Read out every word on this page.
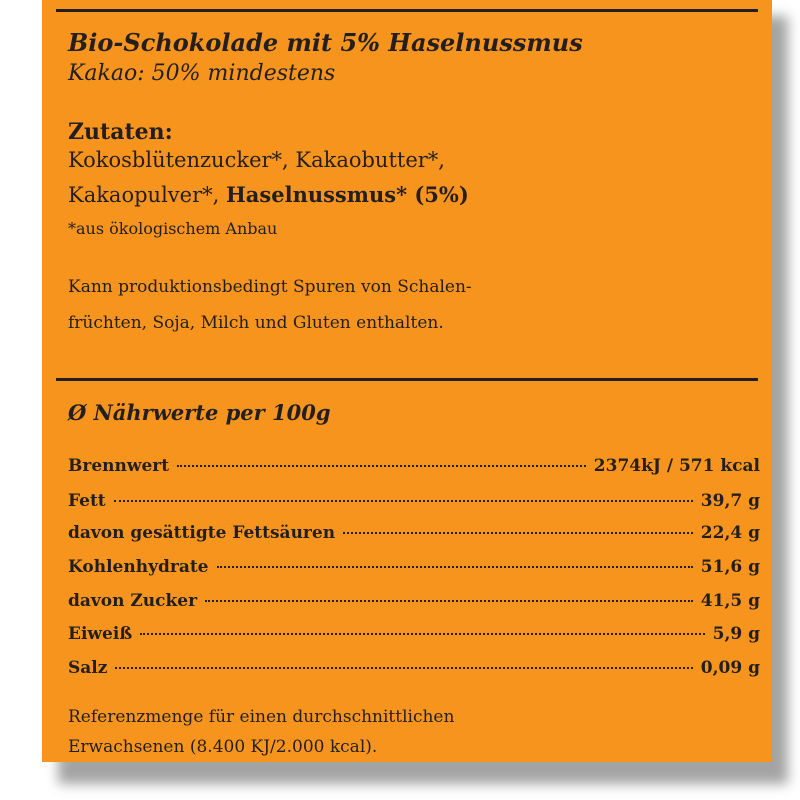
Bio-Schokolade mit 5% Haselnussmus
Kakao: 50% mindestens
Zutaten:
Kokosblütenzucker*, Kakaobutter*,
Kakaopulver*, Haselnussmus* (5%)
*aus ökologischem Anbau
Kann produktionsbedingt Spuren von Schalen-
früchten, Soja, Milch und Gluten enthalten.
Ø Nährwerte per 100g
Brennwert	2374kJ / 571 kcal
Fett	39,7 g
davon gesättigte Fettsäuren	22,4 g
Kohlenhydrate	51,6 g
davon Zucker	41,5 g
Eiweiß	5,9 g
Salz	0,09 g
Referenzmenge für einen durchschnittlichen
Erwachsenen (8.400 KJ/2.000 kcal).
